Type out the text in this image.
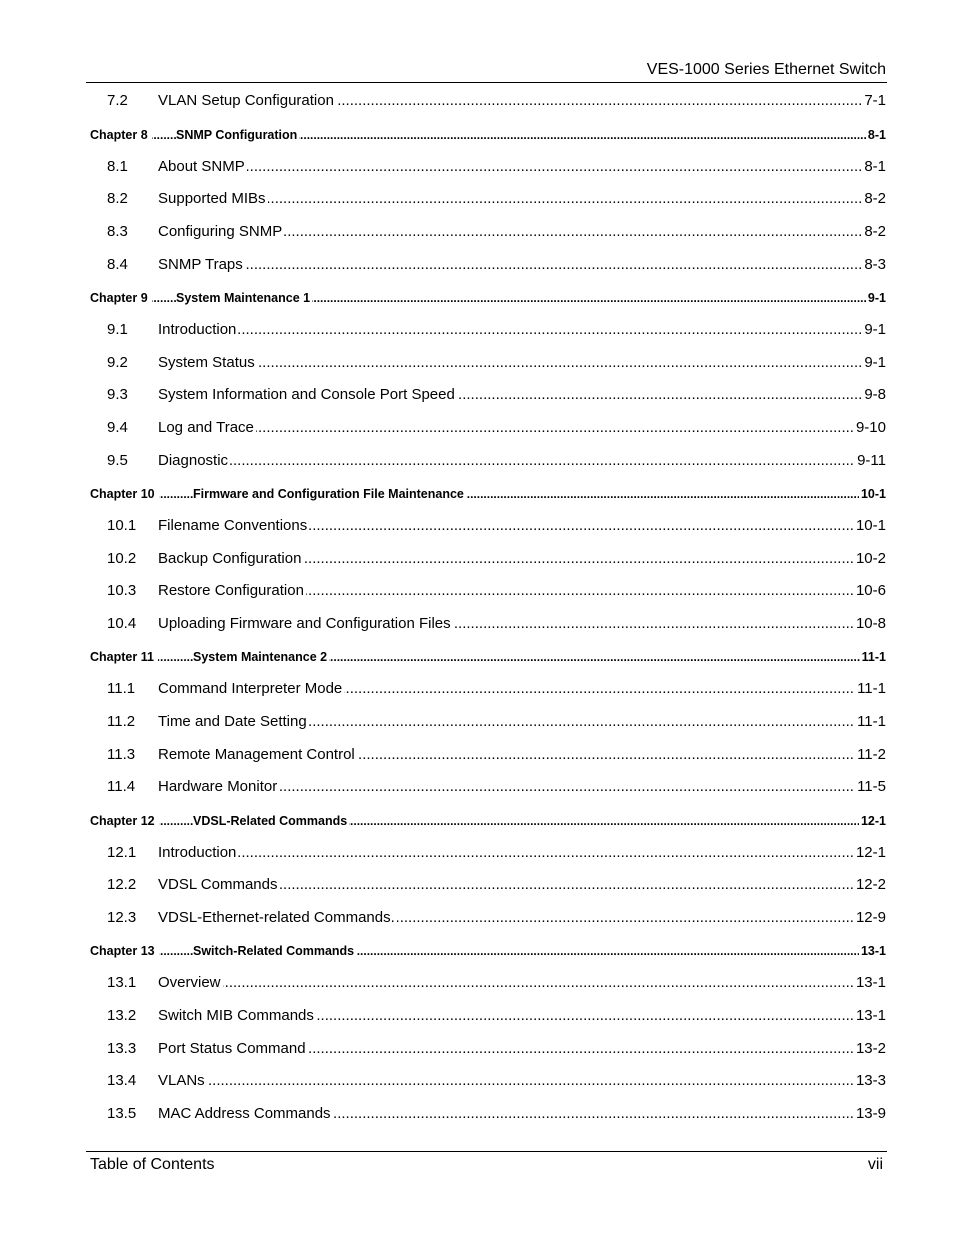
VES-1000 Series Ethernet Switch
.....
7.2 VLAN Setup Configuration	7-1
.....
Chapter 8	SNMP Configuration	8-1
.....
8.1 About SNMP	8-1
.....
8.2 Supported MIBs	8-2
.....
8.3 Configuring SNMP	8-2
.....
8.4 SNMP Traps	8-3
.....
Chapter 9	System Maintenance 1	9-1
.....
9.1 Introduction	9-1
.....
9.2 System Status	9-1
.....
9.3 System Information and Console Port Speed	9-8
.....
9.4 Log and Trace	9-10
.....
9.5 Diagnostic	9-11
.....
Chapter 10	Firmware and Configuration File Maintenance	10-1
.....
10.1 Filename Conventions	10-1
.....
10.2 Backup Configuration	10-2
.....
10.3 Restore Configuration	10-6
.....
10.4 Uploading Firmware and Configuration Files	10-8
.....
Chapter 11	System Maintenance 2	11-1
.....
11.1 Command Interpreter Mode	11-1
.....
11.2 Time and Date Setting	11-1
.....
11.3 Remote Management Control	11-2
.....
11.4 Hardware Monitor	11-5
.....
Chapter 12	VDSL-Related Commands	12-1
.....
12.1 Introduction	12-1
.....
12.2 VDSL Commands	12-2
.....
12.3 VDSL-Ethernet-related Commands.	12-9
.....
Chapter 13	Switch-Related Commands	13-1
.....
13.1 Overview	13-1
.....
13.2 Switch MIB Commands	13-1
.....
13.3 Port Status Command	13-2
.....
13.4 VLANs	13-3
.....
13.5 MAC Address Commands	13-9
Table of Contents	vii
